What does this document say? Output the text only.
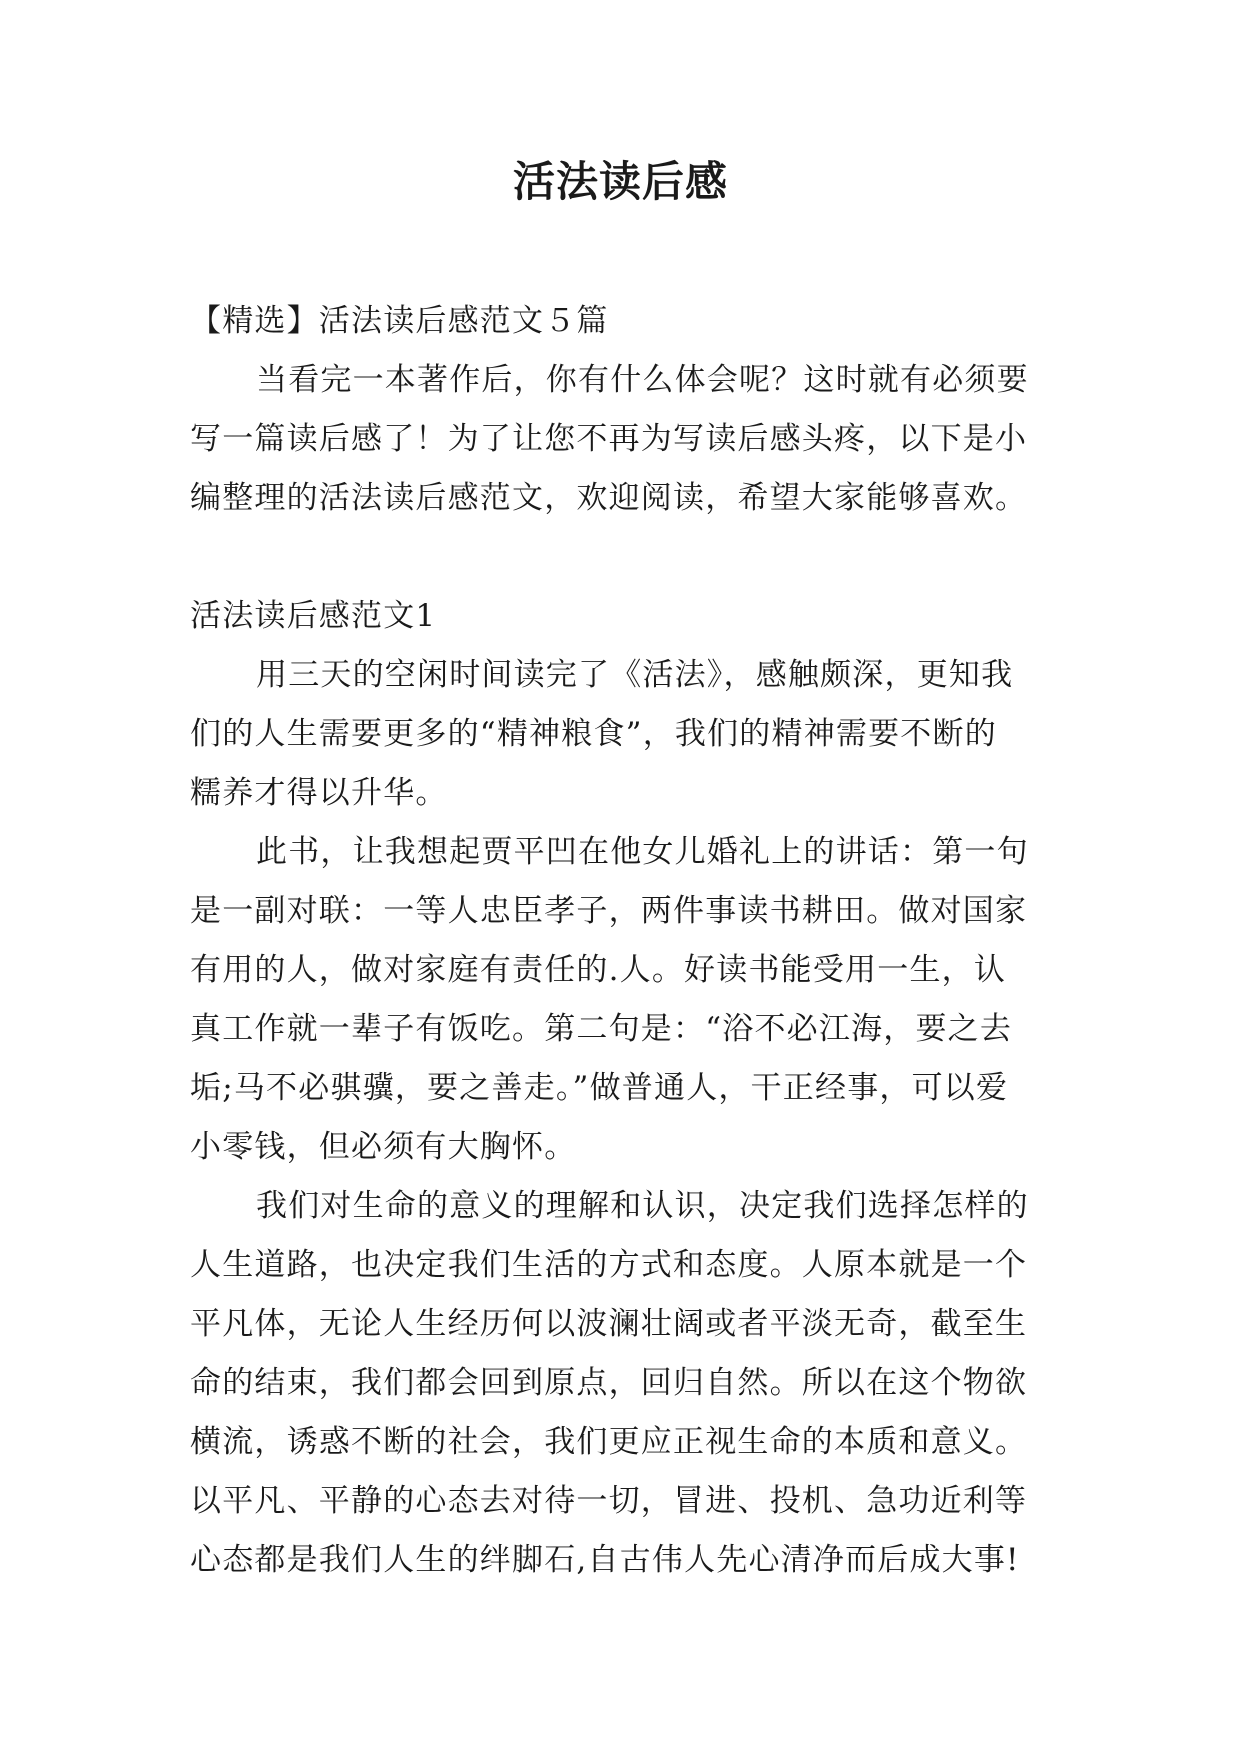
活法读后感

【精选】活法读后感范文５篇

当看完一本著作后，你有什么体会呢？这时就有必须要

写一篇读后感了！为了让您不再为写读后感头疼，以下是小

编整理的活法读后感范文，欢迎阅读，希望大家能够喜欢。

活法读后感范文1

用三天的空闲时间读完了《活法》，感触颇深，更知我

们的人生需要更多的“精神粮食”，我们的精神需要不断的

糯养才得以升华。

此书，让我想起贾平凹在他女儿婚礼上的讲话：第一句

是一副对联：一等人忠臣孝子，两件事读书耕田。做对国家

有用的人，做对家庭有责任的.人。好读书能受用一生，认

真工作就一辈子有饭吃。第二句是：“浴不必江海，要之去

垢;马不必骐骥，要之善走。”做普通人，干正经事，可以爱

小零钱，但必须有大胸怀。

我们对生命的意义的理解和认识，决定我们选择怎样的

人生道路，也决定我们生活的方式和态度。人原本就是一个

平凡体，无论人生经历何以波澜壮阔或者平淡无奇，截至生

命的结束，我们都会回到原点，回归自然。所以在这个物欲

横流，诱惑不断的社会，我们更应正视生命的本质和意义。

以平凡、平静的心态去对待一切，冒进、投机、急功近利等

心态都是我们人生的绊脚石,自古伟人先心清净而后成大事!
